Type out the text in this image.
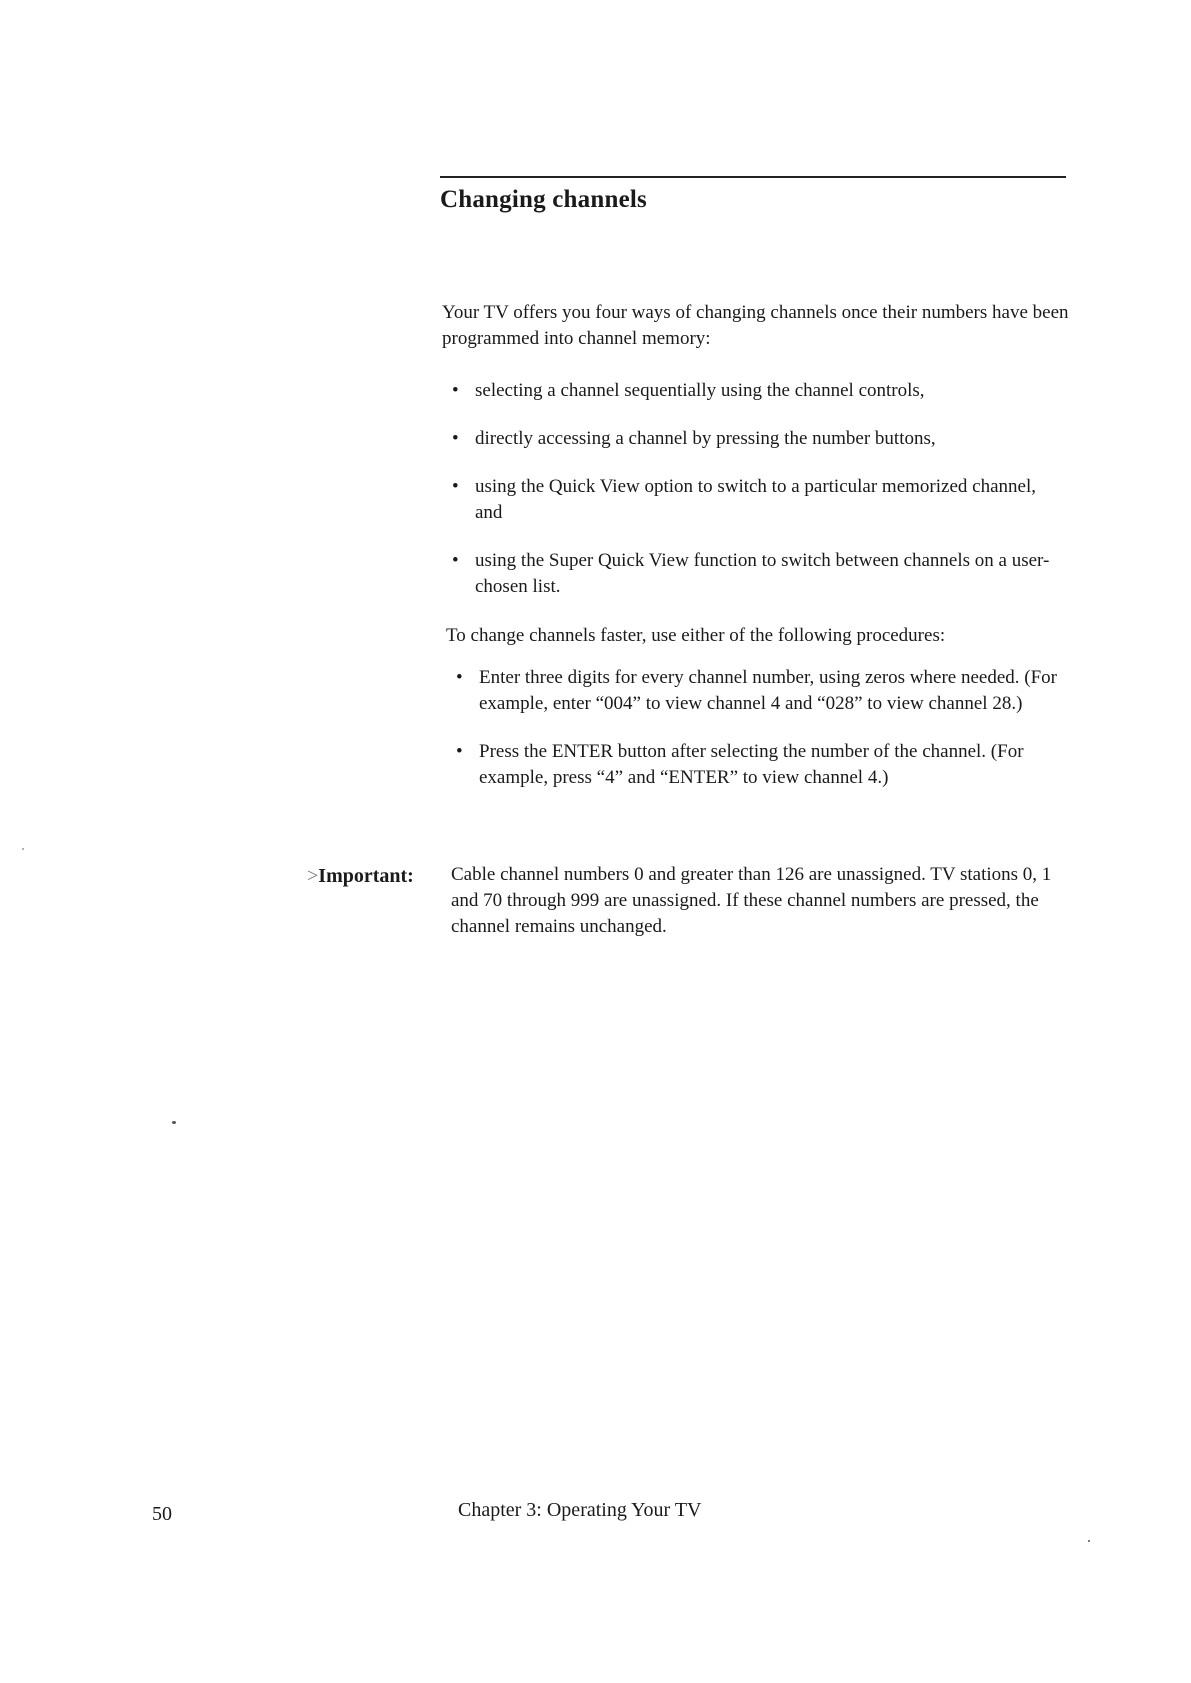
Changing channels
Your TV offers you four ways of changing channels once their numbers have been programmed into channel memory:
• selecting a channel sequentially using the channel controls,
• directly accessing a channel by pressing the number buttons,
• using the Quick View option to switch to a particular memorized channel, and
• using the Super Quick View function to switch between channels on a user-chosen list.
To change channels faster, use either of the following procedures:
• Enter three digits for every channel number, using zeros where needed. (For example, enter “004” to view channel 4 and “028” to view channel 28.)
• Press the ENTER button after selecting the number of the channel. (For example, press “4” and “ENTER” to view channel 4.)
>Important: Cable channel numbers 0 and greater than 126 are unassigned. TV stations 0, 1 and 70 through 999 are unassigned. If these channel numbers are pressed, the channel remains unchanged.
50	Chapter 3: Operating Your TV
